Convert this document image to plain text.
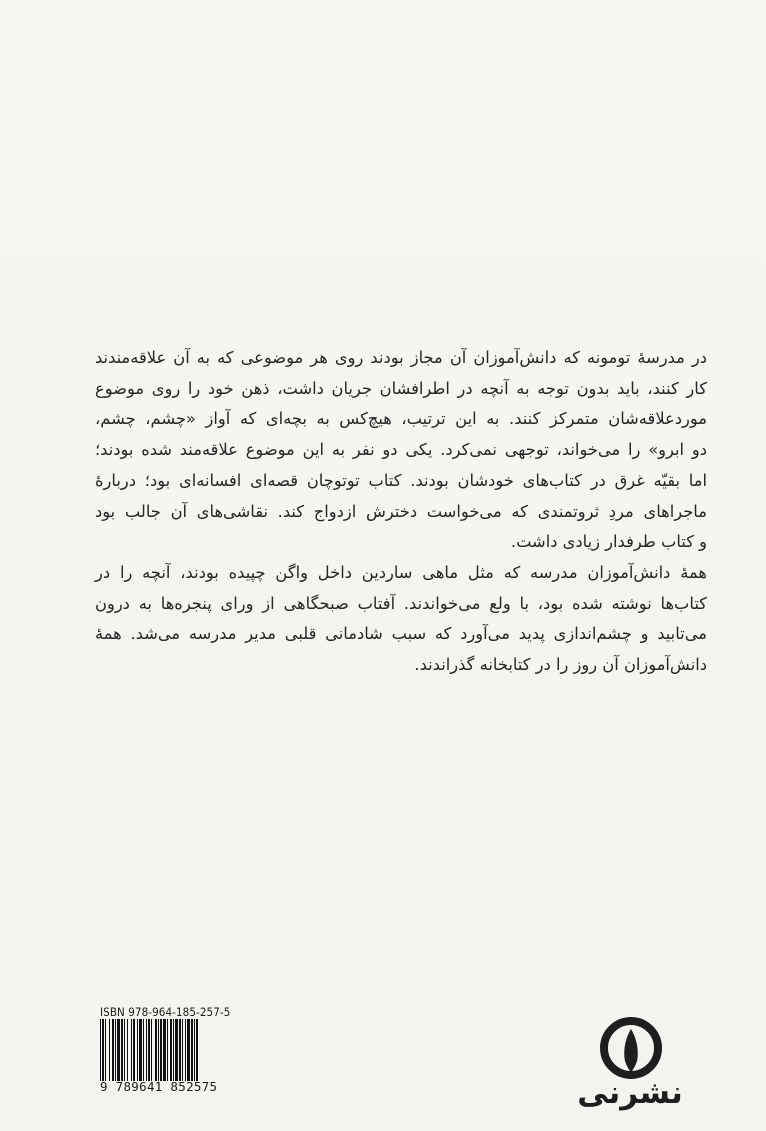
در مدرسهٔ تومونه که دانش‌آموزان آن مجاز بودند روی هر موضوعی که به آن علاقه‌مندند
کار کنند، باید بدون توجه به آنچه در اطرافشان جریان داشت، ذهن خود را روی موضوع
موردعلاقه‌شان متمرکز کنند. به این ترتیب، هیچ‌کس به بچه‌ای که آواز «چشم، چشم،
دو ابرو» را می‌خواند، توجهی نمی‌کرد. یکی دو نفر به این موضوع علاقه‌مند شده بودند؛
اما بقیّه غرق در کتاب‌های خودشان بودند. کتاب توتوچان قصه‌ای افسانه‌ای بود؛ دربارهٔ
ماجراهای مردِ ثروتمندی که می‌خواست دخترش ازدواج کند. نقاشی‌های آن جالب بود
و کتاب طرفدار زیادی داشت.

همهٔ دانش‌آموزان مدرسه که مثل ماهی ساردین داخل واگن چپیده بودند، آنچه را در
کتاب‌ها نوشته شده بود، با ولع می‌خواندند. آفتاب صبحگاهی از ورای پنجره‌ها به درون
می‌تابید و چشم‌اندازی پدید می‌آورد که سبب شادمانی قلبی مدیر مدرسه می‌شد. همهٔ
دانش‌آموزان آن روز را در کتابخانه گذراندند.

ISBN 978-964-185-257-5
9 789641 852575	نشرنی
